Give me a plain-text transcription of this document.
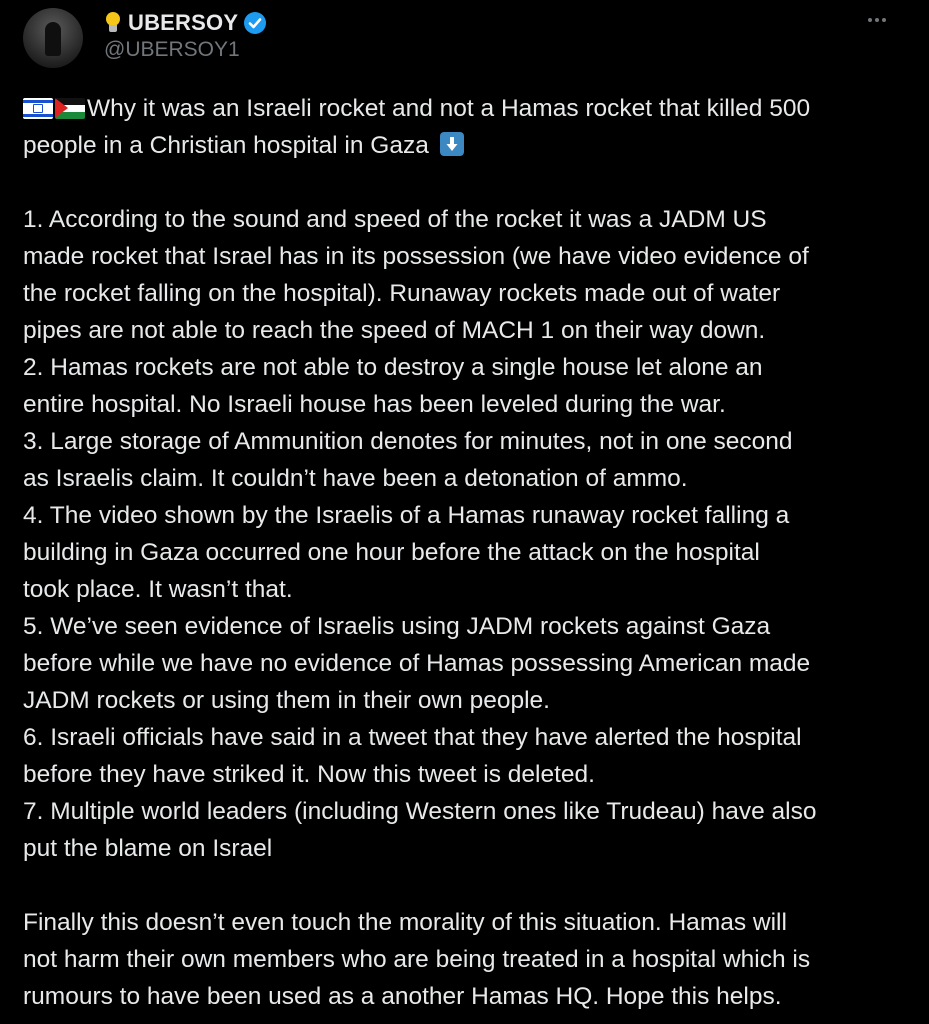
UBERSOY
@UBERSOY1
Why it was an Israeli rocket and not a Hamas rocket that killed 500
people in a Christian hospital in Gaza
1. According to the sound and speed of the rocket it was a JADM US
made rocket that Israel has in its possession (we have video evidence of
the rocket falling on the hospital). Runaway rockets made out of water
pipes are not able to reach the speed of MACH 1 on their way down.
2. Hamas rockets are not able to destroy a single house let alone an
entire hospital. No Israeli house has been leveled during the war.
3. Large storage of Ammunition denotes for minutes, not in one second
as Israelis claim. It couldn’t have been a detonation of ammo.
4. The video shown by the Israelis of a Hamas runaway rocket falling a
building in Gaza occurred one hour before the attack on the hospital
took place. It wasn’t that.
5. We’ve seen evidence of Israelis using JADM rockets against Gaza
before while we have no evidence of Hamas possessing American made
JADM rockets or using them in their own people.
6. Israeli officials have said in a tweet that they have alerted the hospital
before they have striked it. Now this tweet is deleted.
7. Multiple world leaders (including Western ones like Trudeau) have also
put the blame on Israel
Finally this doesn’t even touch the morality of this situation. Hamas will
not harm their own members who are being treated in a hospital which is
rumours to have been used as a another Hamas HQ. Hope this helps.
